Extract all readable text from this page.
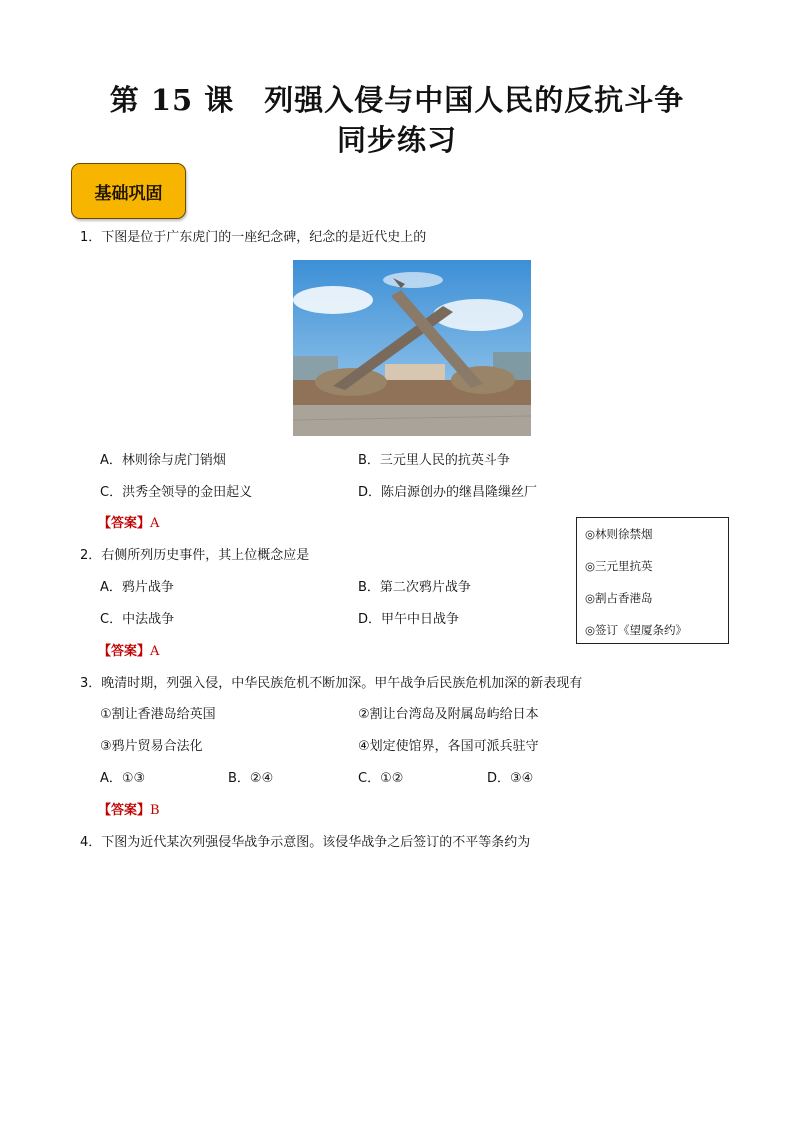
第 15 课　列强入侵与中国人民的反抗斗争
同步练习
基础巩固
1．下图是位于广东虎门的一座纪念碑，纪念的是近代史上的
A．林则徐与虎门销烟	B．三元里人民的抗英斗争
C．洪秀全领导的金田起义	D．陈启源创办的继昌隆缫丝厂
【答案】A
2．右侧所列历史事件，其上位概念应是
A．鸦片战争	B．第二次鸦片战争
C．中法战争	D．甲午中日战争
【答案】A
◎林则徐禁烟
◎三元里抗英
◎割占香港岛
◎签订《望厦条约》
3．晚清时期，列强入侵，中华民族危机不断加深。甲午战争后民族危机加深的新表现有
①割让香港岛给英国	②割让台湾岛及附属岛屿给日本
③鸦片贸易合法化	④划定使馆界，各国可派兵驻守
A．①③	B．②④	C．①②	D．③④
【答案】B
4．下图为近代某次列强侵华战争示意图。该侵华战争之后签订的不平等条约为
